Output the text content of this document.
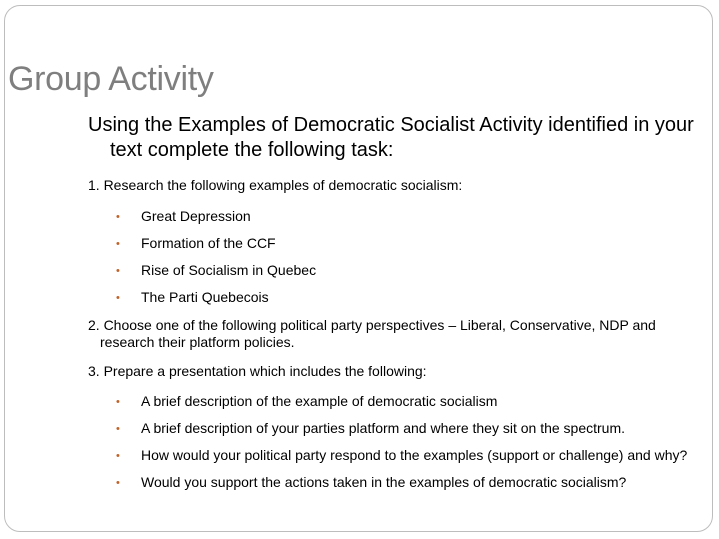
Group Activity

Using the Examples of Democratic Socialist Activity identified in your text complete the following task:

1. Research the following examples of democratic socialism:

• Great Depression
• Formation of the CCF
• Rise of Socialism in Quebec
• The Parti Quebecois

2. Choose one of the following political party perspectives – Liberal, Conservative, NDP and research their platform policies.

3. Prepare a presentation which includes the following:

• A brief description of the example of democratic socialism
• A brief description of your parties platform and where they sit on the spectrum.
• How would your political party respond to the examples (support or challenge) and why?
• Would you support the actions taken in the examples of democratic socialism?
